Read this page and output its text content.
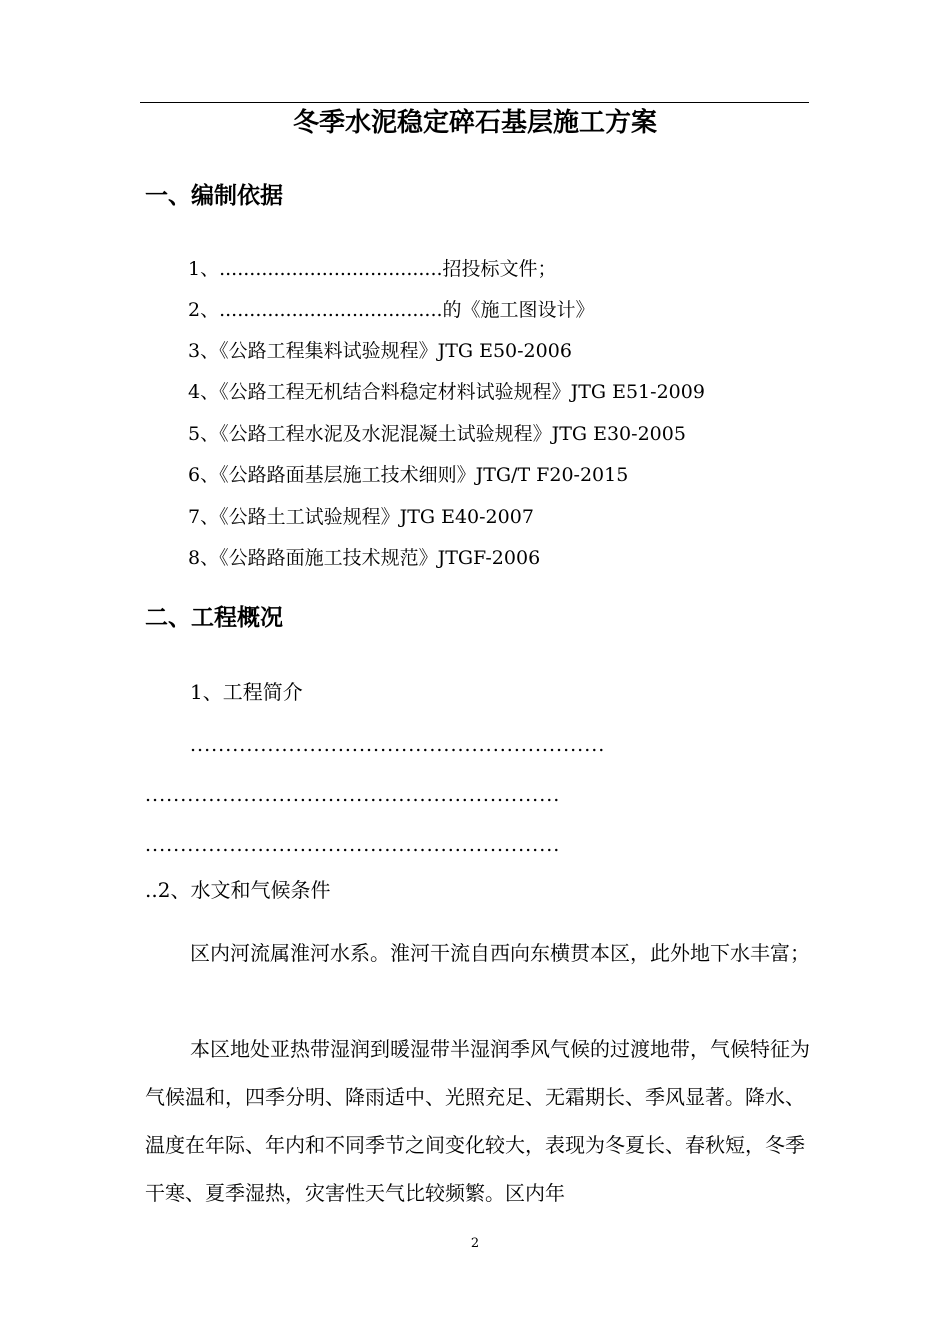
冬季水泥稳定碎石基层施工方案
一、编制依据
1、.....................................招投标文件；
2、.....................................的《施工图设计》
3、《公路工程集料试验规程》JTG E50-2006
4、《公路工程无机结合料稳定材料试验规程》JTG E51-2009
5、《公路工程水泥及水泥混凝土试验规程》JTG E30-2005
6、《公路路面基层施工技术细则》JTG/T F20-2015
7、《公路土工试验规程》JTG E40-2007
8、《公路路面施工技术规范》JTGF-2006
二、工程概况
1、工程简介
...........................................................
...........................................................
...........................................................
..2、水文和气候条件
区内河流属淮河水系。淮河干流自西向东横贯本区，此外地下水丰富；
本区地处亚热带湿润到暖湿带半湿润季风气候的过渡地带，气候特征为气候温和，四季分明、降雨适中、光照充足、无霜期长、季风显著。降水、温度在年际、年内和不同季节之间变化较大，表现为冬夏长、春秋短，冬季干寒、夏季湿热，灾害性天气比较频繁。区内年
2
